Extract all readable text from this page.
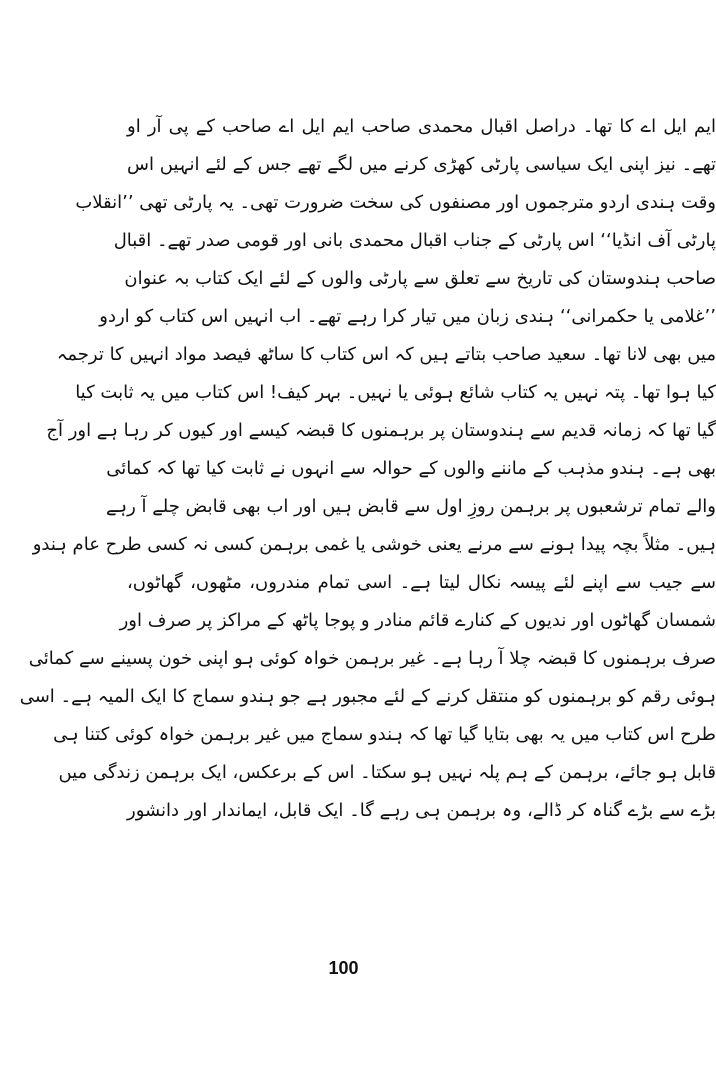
ایم ایل اے کا تھا۔ دراصل اقبال محمدی صاحب ایم ایل اے صاحب کے پی آر او
تھے۔ نیز اپنی ایک سیاسی پارٹی کھڑی کرنے میں لگے تھے جس کے لئے انہیں اس
وقت ہندی اردو مترجموں اور مصنفوں کی سخت ضرورت تھی۔ یہ پارٹی تھی ’’انقلاب
پارٹی آف انڈیا‘‘ اس پارٹی کے جناب اقبال محمدی بانی اور قومی صدر تھے۔ اقبال
صاحب ہندوستان کی تاریخ سے تعلق سے پارٹی والوں کے لئے ایک کتاب بہ عنوان
’’غلامی یا حکمرانی‘‘ ہندی زبان میں تیار کرا رہے تھے۔ اب انہیں اس کتاب کو اردو
میں بھی لانا تھا۔ سعید صاحب بتاتے ہیں کہ اس کتاب کا ساٹھ فیصد مواد انہیں کا ترجمہ
کیا ہوا تھا۔ پتہ نہیں یہ کتاب شائع ہوئی یا نہیں۔ بہر کیف! اس کتاب میں یہ ثابت کیا
گیا تھا کہ زمانہ قدیم سے ہندوستان پر برہمنوں کا قبضہ کیسے اور کیوں کر رہا ہے اور آج
بھی ہے۔ ہندو مذہب کے ماننے والوں کے حوالہ سے انہوں نے ثابت کیا تھا کہ کمائی
والے تمام ترشعبوں پر برہمن روزِ اول سے قابض ہیں اور اب بھی قابض چلے آ رہے
ہیں۔ مثلاً بچہ پیدا ہونے سے مرنے یعنی خوشی یا غمی برہمن کسی نہ کسی طرح عام ہندو
سے جیب سے اپنے لئے پیسہ نکال لیتا ہے۔ اسی تمام مندروں، مٹھوں، گھاٹوں،
شمسان گھاٹوں اور ندیوں کے کنارے قائم منادر و پوجا پاٹھ کے مراکز پر صرف اور
صرف برہمنوں کا قبضہ چلا آ رہا ہے۔ غیر برہمن خواہ کوئی ہو اپنی خون پسینے سے کمائی
ہوئی رقم کو برہمنوں کو منتقل کرنے کے لئے مجبور ہے جو ہندو سماج کا ایک المیہ ہے۔ اسی
طرح اس کتاب میں یہ بھی بتایا گیا تھا کہ ہندو سماج میں غیر برہمن خواہ کوئی کتنا ہی
قابل ہو جائے، برہمن کے ہم پلہ نہیں ہو سکتا۔ اس کے برعکس، ایک برہمن زندگی میں
بڑے سے بڑے گناہ کر ڈالے، وہ برہمن ہی رہے گا۔ ایک قابل، ایماندار اور دانشور
100
